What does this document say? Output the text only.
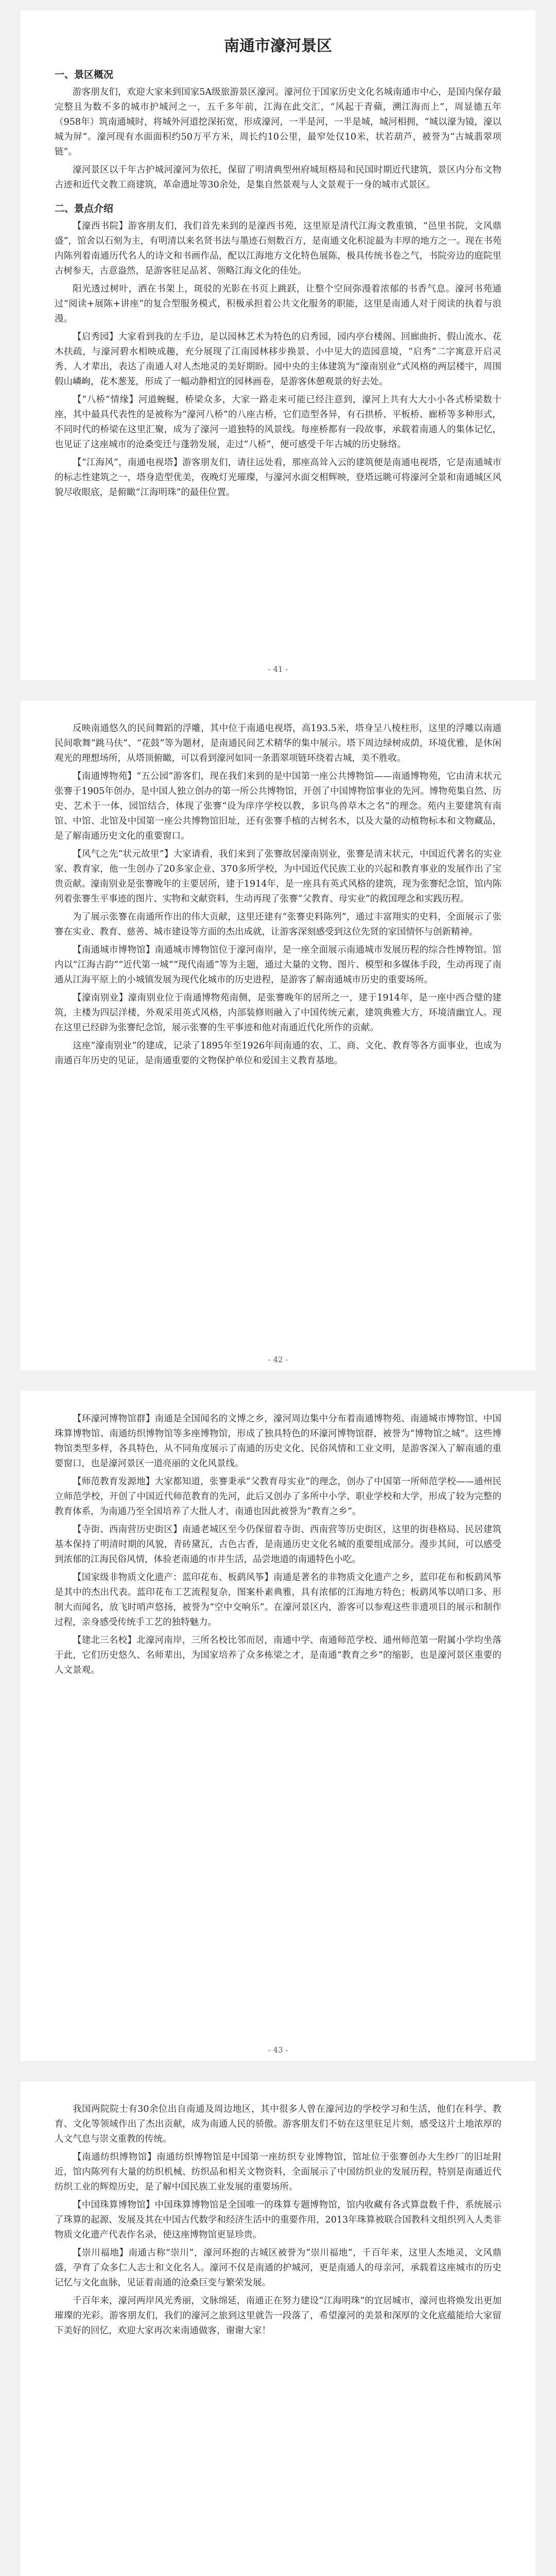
南通市濠河景区
一、景区概况

游客朋友们，欢迎大家来到国家5A级旅游景区濠河。濠河位于国家历史文化名城南通市中心，是国内保存最完整且为数不多的城市护城河之一，五千多年前，江海在此交汇，“风起于青蘋，溯江海而上”，周显德五年（958年）筑南通城时，将城外河道挖深拓宽，形成濠河，一半是河，一半是城，城河相拥，“城以濠为镜，濠以城为屏”。濠河现有水面面积约50万平方米，周长约10公里，最窄处仅10米，状若葫芦，被誉为“古城翡翠项链”。

濠河景区以千年古护城河濠河为依托，保留了明清典型州府城垣格局和民国时期近代建筑，景区内分布文物古迹和近代文教工商建筑，革命遗址等30余处，是集自然景观与人文景观于一身的城市式景区。

二、景点介绍

【濠西书院】游客朋友们，我们首先来到的是濠西书苑，这里原是清代江海文教重镇，“邑里书院，文风鼎盛”，馆舍以石刻为主，有明清以来名贤书法与墨迹石刻数百方，是南通文化积淀最为丰厚的地方之一。现在书苑内陈列着南通历代名人的诗文和书画作品，配以江海地方文化特色展陈，极具传统书卷之气，书院旁边的庭院里古树参天，古意盎然，是游客驻足品茗、领略江海文化的佳处。

阳光透过树叶，洒在书架上，斑驳的光影在书页上跳跃，让整个空间弥漫着浓郁的书香气息。濠河书苑通过“阅读+展陈+讲座”的复合型服务模式，积极承担着公共文化服务的职能，这里是南通人对于阅读的执着与浪漫。

【启秀园】大家看到我的左手边，是以园林艺术为特色的启秀园，园内亭台楼阁、回廊曲折、假山流水、花木扶疏，与濠河碧水相映成趣，充分展现了江南园林移步换景、小中见大的造园意境，“启秀”二字寓意开启灵秀、人才辈出，表达了南通人对人杰地灵的美好期盼。园中央的主体建筑为“濠南别业”式风格的两层楼宇，周围假山嶙峋，花木葱茏，形成了一幅动静相宜的园林画卷，是游客休憩观景的好去处。

【“八桥”情缘】河道蜿蜒，桥梁众多，大家一路走来可能已经注意到，濠河上共有大大小小各式桥梁数十座，其中最具代表性的是被称为“濠河八桥”的八座古桥，它们造型各异，有石拱桥、平板桥、廊桥等多种形式，不同时代的桥梁在这里汇聚，成为了濠河一道独特的风景线。每座桥都有一段故事，承载着南通人的集体记忆，也见证了这座城市的沧桑变迁与蓬勃发展，走过“八桥”，便可感受千年古城的历史脉络。

【“江海风”，南通电视塔】游客朋友们，请往远处看，那座高耸入云的建筑便是南通电视塔，它是南通城市的标志性建筑之一，塔身造型优美，夜晚灯光璀璨，与濠河水面交相辉映，登塔远眺可将濠河全景和南通城区风貌尽收眼底，是俯瞰“江海明珠”的最佳位置。

- 41 -

反映南通悠久的民间舞蹈的浮雕，其中位于南通电视塔，高193.5米，塔身呈八棱柱形，这里的浮雕以南通民间歌舞“跳马伕”、“花鼓”等为题材，是南通民间艺术精华的集中展示。塔下周边绿树成荫，环境优雅，是休闲观光的理想场所，从塔顶俯瞰，可以看到濠河如同一条翡翠项链环绕着古城，美不胜收。

【南通博物苑】“五公园”游客们，现在我们来到的是中国第一座公共博物馆——南通博物苑，它由清末状元张謇于1905年创办，是中国人独立创办的第一所公共博物馆，开创了中国博物馆事业的先河。博物苑集自然、历史、艺术于一体，园馆结合，体现了张謇“设为庠序学校以教，多识鸟兽草木之名”的理念。苑内主要建筑有南馆、中馆、北馆及中国第一座公共博物馆旧址，还有张謇手植的古树名木，以及大量的动植物标本和文物藏品，是了解南通历史文化的重要窗口。

【风气之先“状元故里”】大家请看，我们来到了张謇故居濠南别业，张謇是清末状元，中国近代著名的实业家、教育家，他一生创办了20多家企业、370多所学校，为中国近代民族工业的兴起和教育事业的发展作出了宝贵贡献。濠南别业是张謇晚年的主要居所，建于1914年，是一座具有英式风格的建筑，现为张謇纪念馆，馆内陈列着张謇生平事迹的图片、实物和文献资料，生动再现了张謇“父教育、母实业”的救国理念和实践历程。

为了展示张謇在南通所作出的伟大贡献，这里还建有“张謇史料陈列”，通过丰富翔实的史料，全面展示了张謇在实业、教育、慈善、城市建设等方面的杰出成就，让游客深刻感受到这位先贤的家国情怀与创新精神。

【南通城市博物馆】南通城市博物馆位于濠河南岸，是一座全面展示南通城市发展历程的综合性博物馆。馆内以“江海古韵”“近代第一城”“现代南通”等为主题，通过大量的文物、图片、模型和多媒体手段，生动再现了南通从江海平原上的小城镇发展为现代化城市的历史进程，是游客了解南通城市历史的重要场所。

【濠南别业】濠南别业位于南通博物苑南侧，是张謇晚年的居所之一，建于1914年，是一座中西合璧的建筑，主楼为四层洋楼，外观采用英式风格，内部装修则融入了中国传统元素，建筑典雅大方，环境清幽宜人。现在这里已经辟为张謇纪念馆，展示张謇的生平事迹和他对南通近代化所作的贡献。

这座“濠南别业”的建成，记录了1895年至1926年间南通的农、工、商、文化、教育等各方面事业，也成为南通百年历史的见证，是南通重要的文物保护单位和爱国主义教育基地。

- 42 -

【环濠河博物馆群】南通是全国闻名的文博之乡，濠河周边集中分布着南通博物苑、南通城市博物馆、中国珠算博物馆、南通纺织博物馆等多座博物馆，形成了独具特色的环濠河博物馆群，被誉为“博物馆之城”。这些博物馆类型多样，各具特色，从不同角度展示了南通的历史文化、民俗风情和工业文明，是游客深入了解南通的重要窗口，也是濠河景区一道亮丽的文化风景线。

【师范教育发源地】大家都知道，张謇秉承“父教育母实业”的理念，创办了中国第一所师范学校——通州民立师范学校，开创了中国近代师范教育的先河，此后又创办了多所中小学、职业学校和大学，形成了较为完整的教育体系，为南通乃至全国培养了大批人才，南通也因此被誉为“教育之乡”。

【寺街、西南营历史街区】南通老城区至今仍保留着寺街、西南营等历史街区，这里的街巷格局、民居建筑基本保持了明清时期的风貌，青砖黛瓦，古色古香，是南通历史文化名城的重要组成部分。漫步其间，可以感受到浓郁的江海民俗风情，体验老南通的市井生活，品尝地道的南通特色小吃。

【国家级非物质文化遗产：蓝印花布、板鹞风筝】南通是著名的非物质文化遗产之乡，蓝印花布和板鹞风筝是其中的杰出代表。蓝印花布工艺流程复杂，图案朴素典雅，具有浓郁的江海地方特色；板鹞风筝以哨口多、形制大而闻名，放飞时哨声悠扬，被誉为“空中交响乐”。在濠河景区内，游客可以参观这些非遗项目的展示和制作过程，亲身感受传统手工艺的独特魅力。

【建北三名校】北濠河南岸，三所名校比邻而居，南通中学、南通师范学校、通州师范第一附属小学均坐落于此，它们历史悠久、名师辈出，为国家培养了众多栋梁之才，是南通“教育之乡”的缩影，也是濠河景区重要的人文景观。

- 43 -

我国两院院士有30余位出自南通及周边地区，其中很多人曾在濠河边的学校学习和生活，他们在科学、教育、文化等领域作出了杰出贡献，成为南通人民的骄傲。游客朋友们不妨在这里驻足片刻，感受这片土地浓厚的人文气息与崇文重教的传统。

【南通纺织博物馆】南通纺织博物馆是中国第一座纺织专业博物馆，馆址位于张謇创办大生纱厂的旧址附近，馆内陈列有大量的纺织机械、纺织品和相关文物资料，全面展示了中国纺织业的发展历程，特别是南通近代纺织工业的辉煌历史，是了解中国民族工业发展的重要场所。

【中国珠算博物馆】中国珠算博物馆是全国唯一的珠算专题博物馆，馆内收藏有各式算盘数千件，系统展示了珠算的起源、发展及其在中国古代数学和经济生活中的重要作用，2013年珠算被联合国教科文组织列入人类非物质文化遗产代表作名录，使这座博物馆更显珍贵。

【崇川福地】南通古称“崇川”，濠河环抱的古城区被誉为“崇川福地”，千百年来，这里人杰地灵，文风鼎盛，孕育了众多仁人志士和文化名人。濠河不仅是南通的护城河，更是南通人的母亲河，承载着这座城市的历史记忆与文化血脉，见证着南通的沧桑巨变与繁荣发展。

千百年来，濠河两岸风光秀丽，文脉绵延，南通正在努力建设“江海明珠”的宜居城市，濠河也将焕发出更加璀璨的光彩。游客朋友们，我们的濠河之旅到这里就告一段落了，希望濠河的美景和深厚的文化底蕴能给大家留下美好的回忆，欢迎大家再次来南通做客，谢谢大家！
